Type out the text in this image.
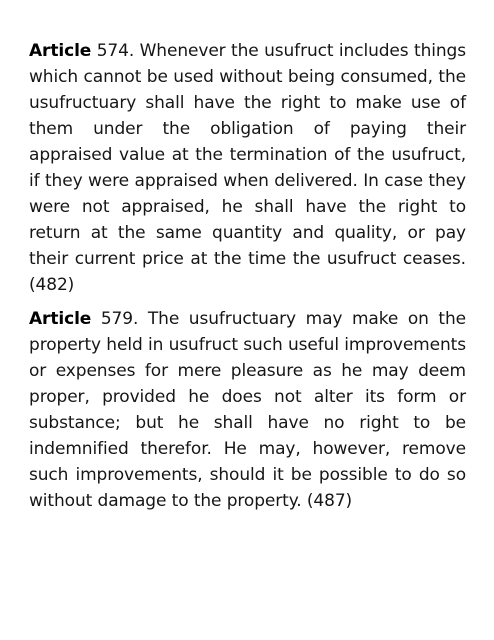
Article 574. Whenever the usufruct includes things which cannot be used without being consumed, the usufructuary shall have the right to make use of them under the obligation of paying their appraised value at the termination of the usufruct, if they were appraised when delivered. In case they were not appraised, he shall have the right to return at the same quantity and quality, or pay their current price at the time the usufruct ceases. (482)

Article 579. The usufructuary may make on the property held in usufruct such useful improvements or expenses for mere pleasure as he may deem proper, provided he does not alter its form or substance; but he shall have no right to be indemnified therefor. He may, however, remove such improvements, should it be possible to do so without damage to the property. (487)
